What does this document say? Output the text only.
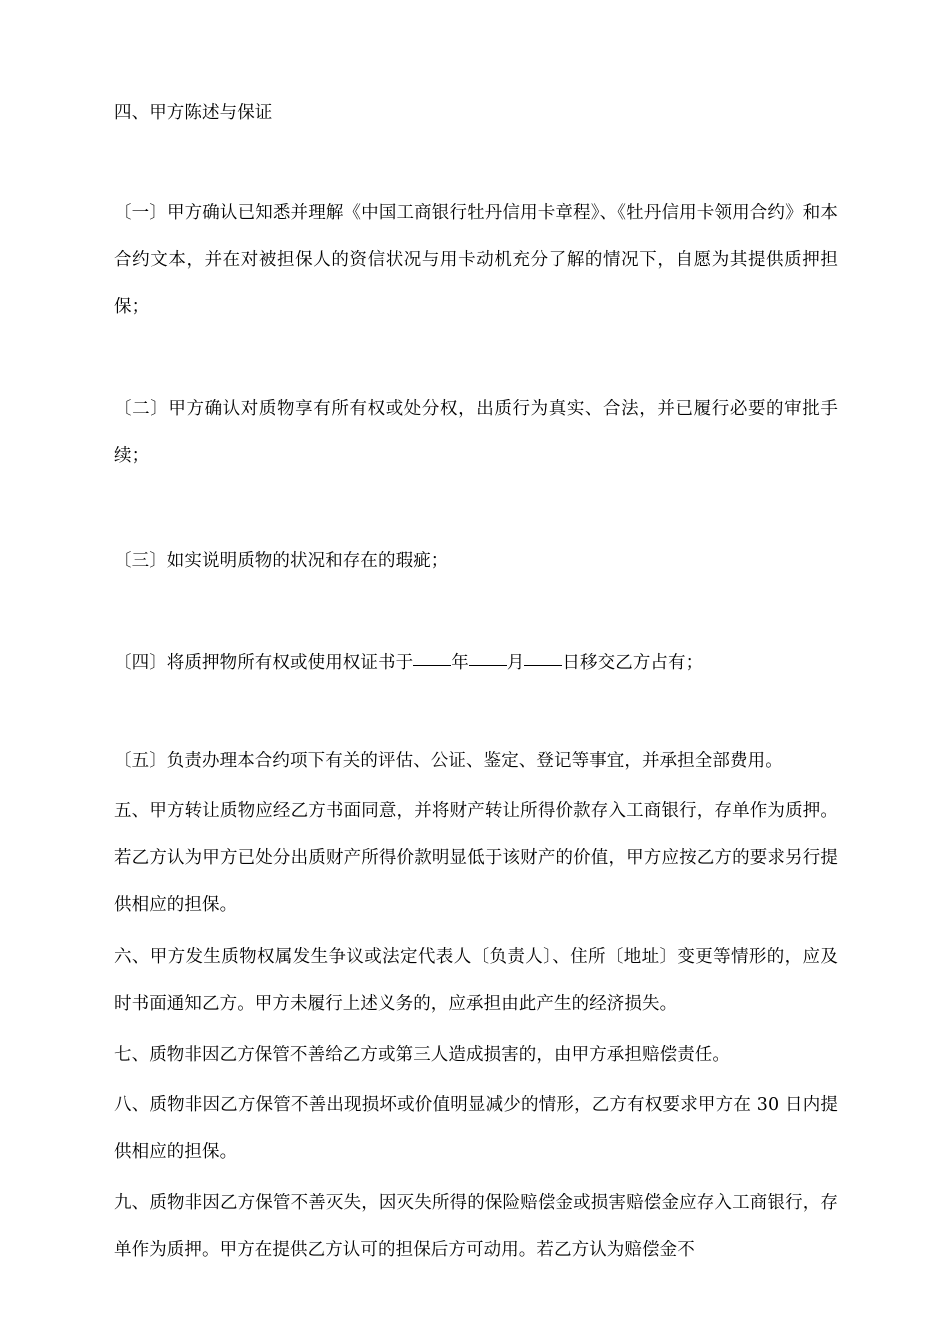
四、甲方陈述与保证
〔一〕甲方确认已知悉并理解《中国工商银行牡丹信用卡章程》、《牡丹信用卡领用合约》和本合约文本，并在对被担保人的资信状况与用卡动机充分了解的情况下，自愿为其提供质押担保；
〔二〕甲方确认对质物享有所有权或处分权，出质行为真实、合法，并已履行必要的审批手续；
〔三〕如实说明质物的状况和存在的瑕疵；
〔四〕将质押物所有权或使用权证书于 年 月 日移交乙方占有；
〔五〕负责办理本合约项下有关的评估、公证、鉴定、登记等事宜，并承担全部费用。
五、甲方转让质物应经乙方书面同意，并将财产转让所得价款存入工商银行，存单作为质押。若乙方认为甲方已处分出质财产所得价款明显低于该财产的价值，甲方应按乙方的要求另行提供相应的担保。
六、甲方发生质物权属发生争议或法定代表人〔负责人〕、住所〔地址〕变更等情形的，应及时书面通知乙方。甲方未履行上述义务的，应承担由此产生的经济损失。
七、质物非因乙方保管不善给乙方或第三人造成损害的，由甲方承担赔偿责任。
八、质物非因乙方保管不善出现损坏或价值明显减少的情形，乙方有权要求甲方在 30 日内提供相应的担保。
九、质物非因乙方保管不善灭失，因灭失所得的保险赔偿金或损害赔偿金应存入工商银行，存单作为质押。甲方在提供乙方认可的担保后方可动用。若乙方认为赔偿金不
